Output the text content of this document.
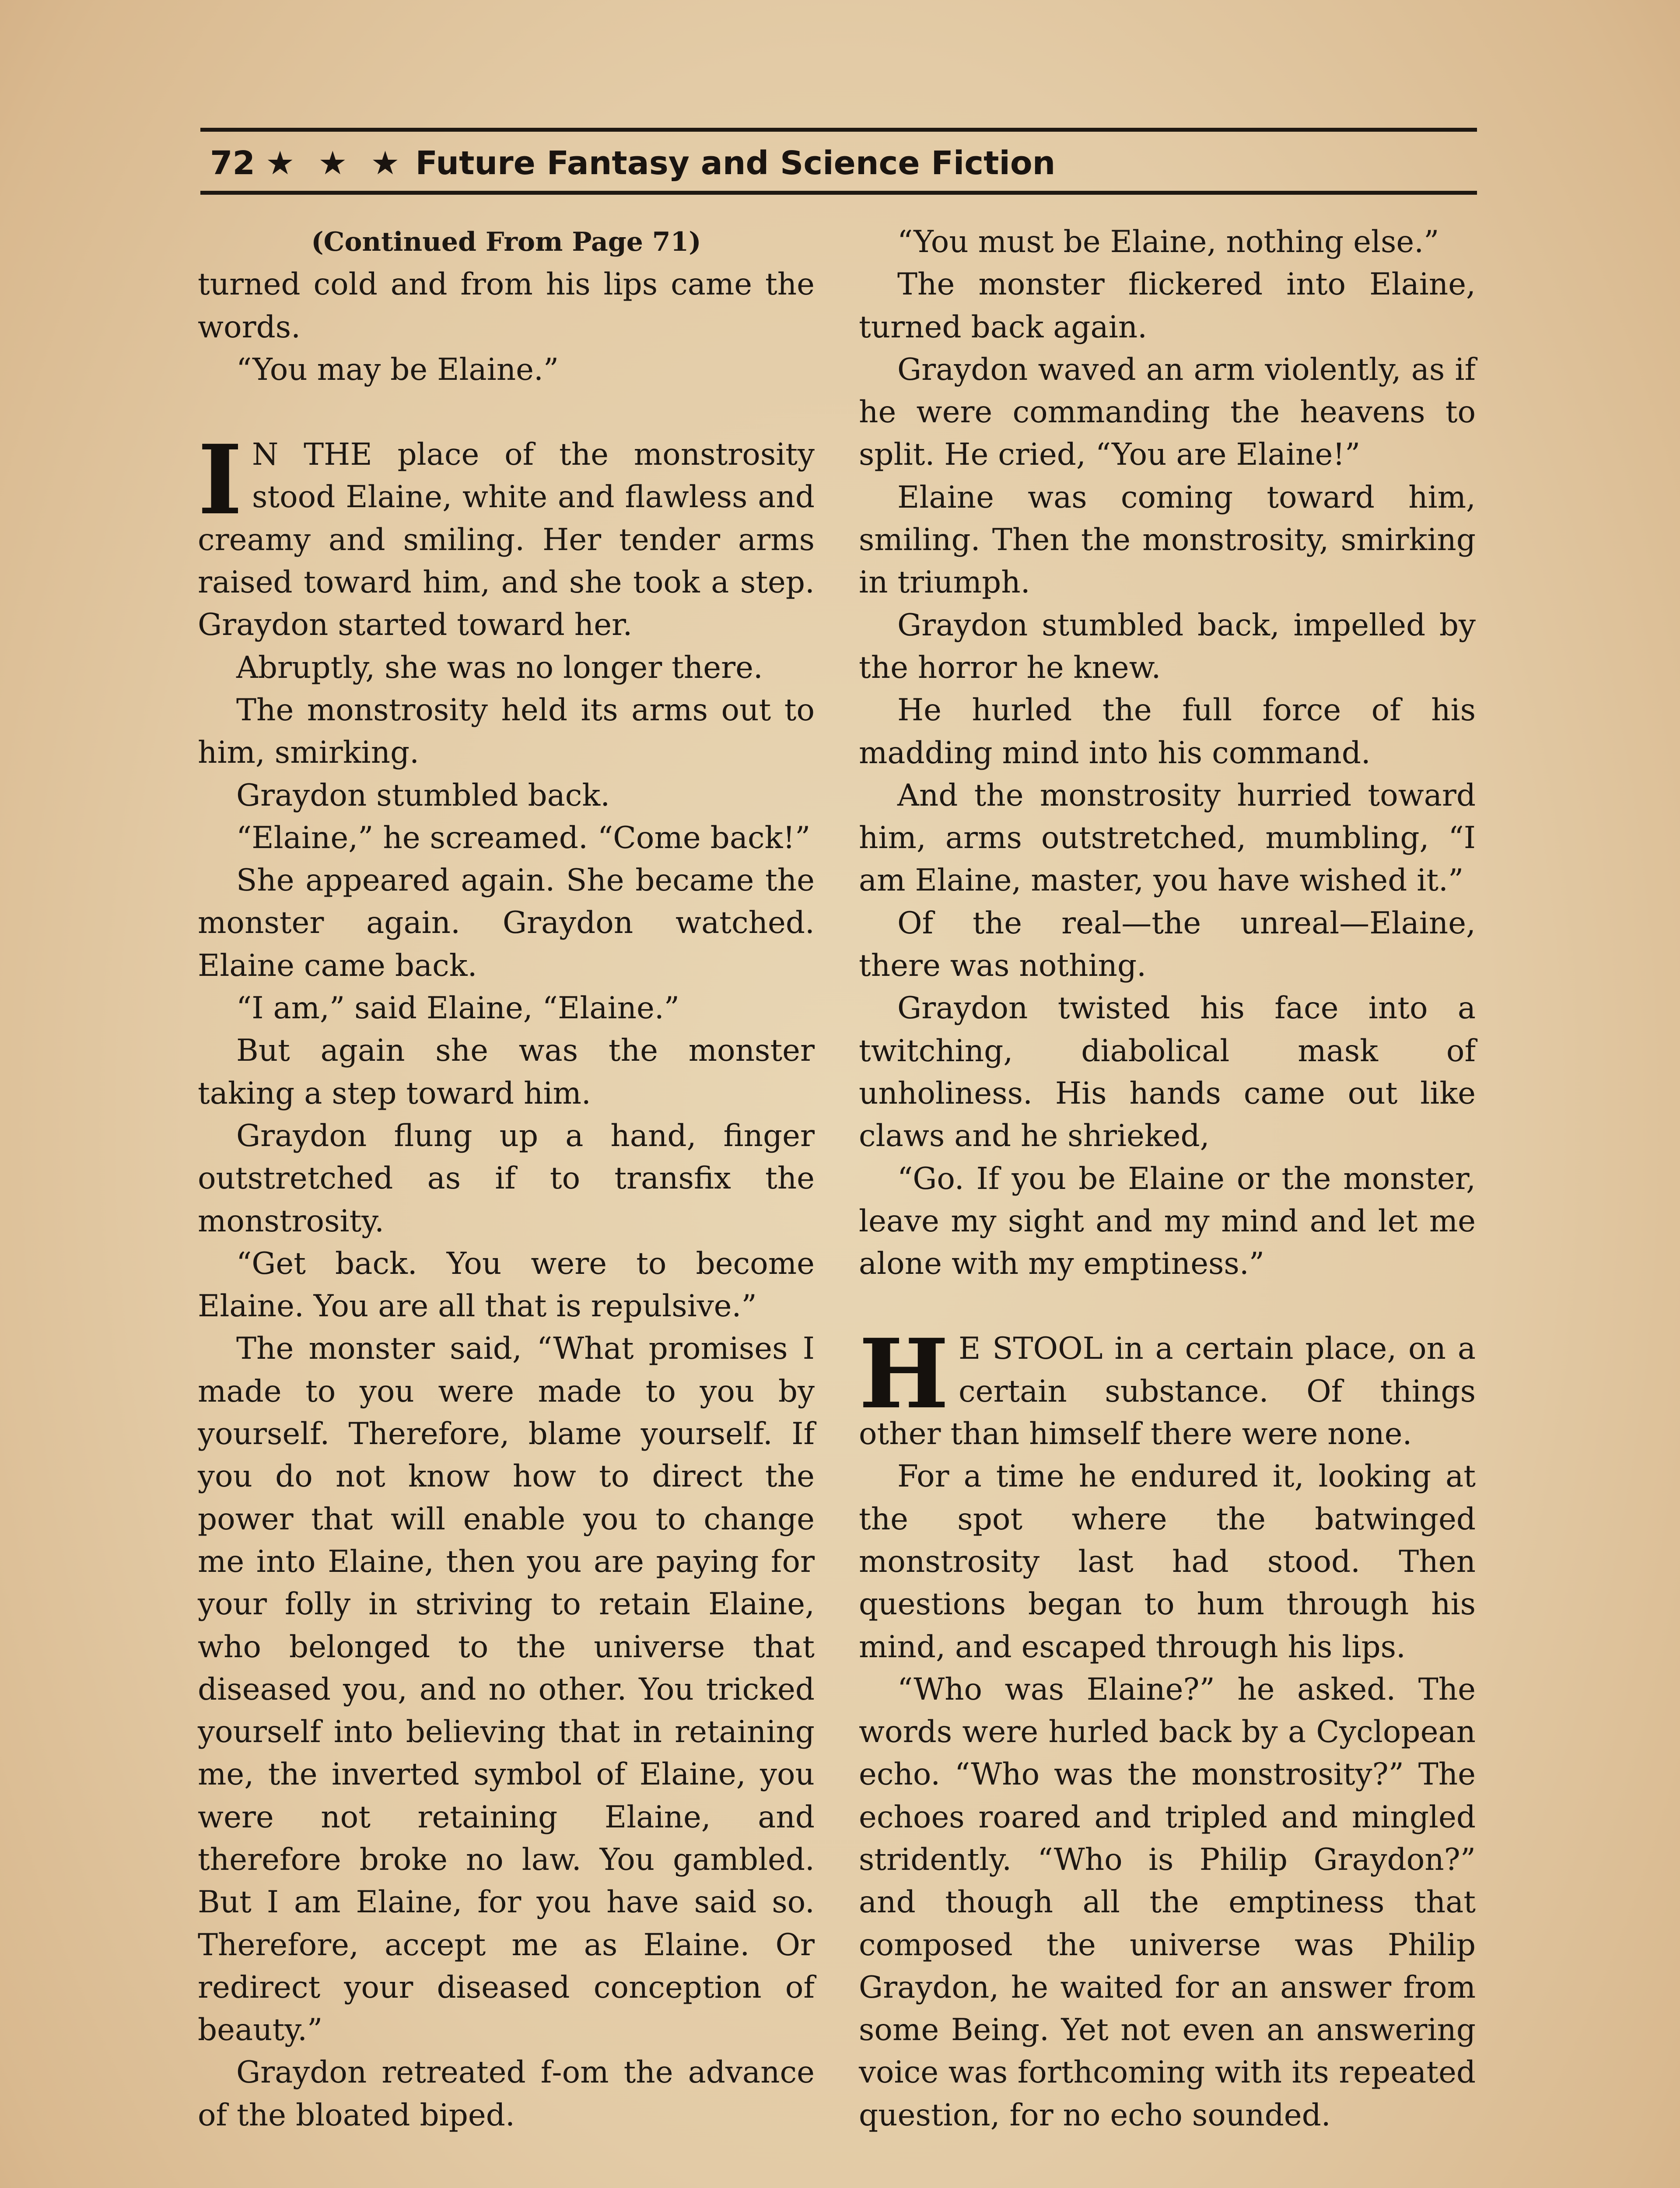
72 ★ ★ ★ Future Fantasy and Science Fiction

(Continued From Page 71)

turned cold and from his lips came the words.

“You may be Elaine.”

I N THE place of the monstrosity stood Elaine, white and flawless and creamy and smiling. Her tender arms raised toward him, and she took a step. Graydon started toward her.

Abruptly, she was no longer there.

The monstrosity held its arms out to him, smirking.

Graydon stumbled back.

“Elaine,” he screamed. “Come back!”

She appeared again. She became the monster again. Graydon watched. Elaine came back.

“I am,” said Elaine, “Elaine.”

But again she was the monster taking a step toward him.

Graydon flung up a hand, finger outstretched as if to transfix the monstrosity.

“Get back. You were to become Elaine. You are all that is repulsive.”

The monster said, “What promises I made to you were made to you by yourself. Therefore, blame yourself. If you do not know how to direct the power that will enable you to change me into Elaine, then you are paying for your folly in striving to retain Elaine, who belonged to the universe that diseased you, and no other. You tricked yourself into believing that in retaining me, the inverted symbol of Elaine, you were not retaining Elaine, and therefore broke no law. You gambled. But I am Elaine, for you have said so. Therefore, accept me as Elaine. Or redirect your diseased conception of beauty.”

Graydon retreated f‑om the advance of the bloated biped.

“You must be Elaine, nothing else.”

The monster flickered into Elaine, turned back again.

Graydon waved an arm violently, as if he were commanding the heavens to split. He cried, “You are Elaine!”

Elaine was coming toward him, smiling. Then the monstrosity, smirking in triumph.

Graydon stumbled back, impelled by the horror he knew.

He hurled the full force of his madding mind into his command.

And the monstrosity hurried toward him, arms outstretched, mumbling, “I am Elaine, master, you have wished it.”

Of the real—the unreal—Elaine, there was nothing.

Graydon twisted his face into a twitching, diabolical mask of unholiness. His hands came out like claws and he shrieked,

“Go. If you be Elaine or the monster, leave my sight and my mind and let me alone with my emptiness.”

H E STOOL in a certain place, on a certain substance. Of things other than himself there were none.

For a time he endured it, looking at the spot where the batwinged monstrosity last had stood. Then questions began to hum through his mind, and escaped through his lips.

“Who was Elaine?” he asked. The words were hurled back by a Cyclopean echo. “Who was the monstrosity?” The echoes roared and tripled and mingled stridently. “Who is Philip Graydon?” and though all the emptiness that composed the universe was Philip Graydon, he waited for an answer from some Being. Yet not even an answering voice was forthcoming with its repeated question, for no echo sounded.
